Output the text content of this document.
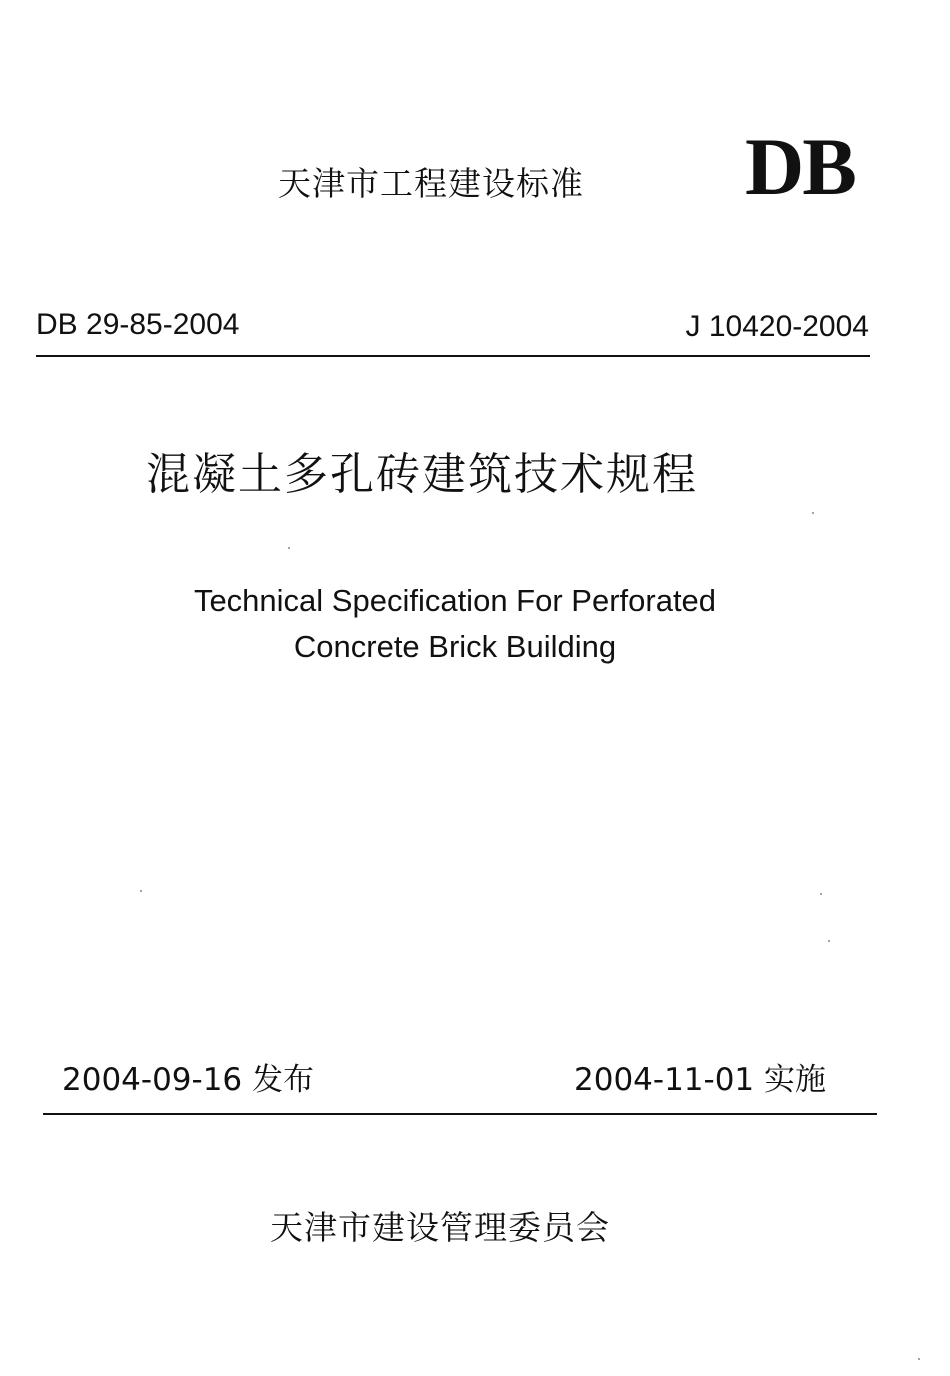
天津市工程建设标准 DB
DB 29-85-2004	J 10420-2004
混凝土多孔砖建筑技术规程
Technical Specification For Perforated
Concrete Brick Building
2004-09-16 发布	2004-11-01 实施
天津市建设管理委员会
